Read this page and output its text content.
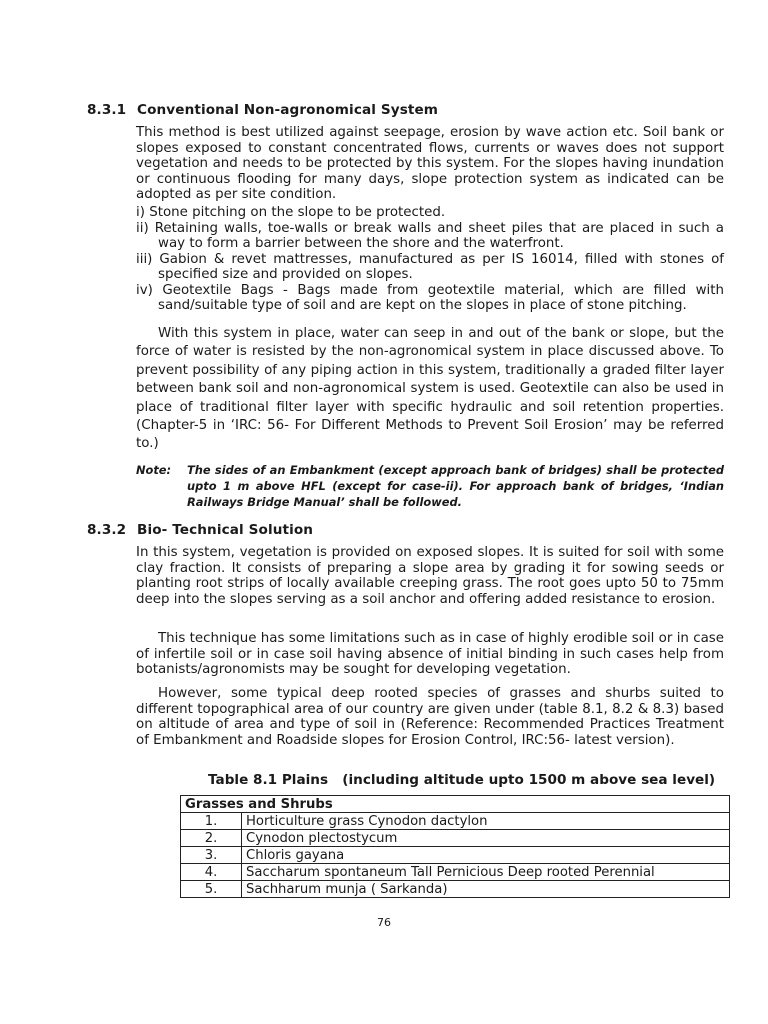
8.3.1 Conventional Non-agronomical System

This method is best utilized against seepage, erosion by wave action etc. Soil bank or slopes exposed to constant concentrated flows, currents or waves does not support vegetation and needs to be protected by this system. For the slopes having inundation or continuous flooding for many days, slope protection system as indicated can be adopted as per site condition.

i) Stone pitching on the slope to be protected.
ii) Retaining walls, toe-walls or break walls and sheet piles that are placed in such a way to form a barrier between the shore and the waterfront.
iii) Gabion & revet mattresses, manufactured as per IS 16014, filled with stones of specified size and provided on slopes.
iv) Geotextile Bags - Bags made from geotextile material, which are filled with sand/suitable type of soil and are kept on the slopes in place of stone pitching.

With this system in place, water can seep in and out of the bank or slope, but the force of water is resisted by the non-agronomical system in place discussed above. To prevent possibility of any piping action in this system, traditionally a graded filter layer between bank soil and non-agronomical system is used. Geotextile can also be used in place of traditional filter layer with specific hydraulic and soil retention properties. (Chapter-5 in ‘IRC: 56- For Different Methods to Prevent Soil Erosion’ may be referred to.)

Note:	The sides of an Embankment (except approach bank of bridges) shall be protected upto 1 m above HFL (except for case-ii). For approach bank of bridges, ‘Indian Railways Bridge Manual’ shall be followed.
8.3.2 Bio- Technical Solution

In this system, vegetation is provided on exposed slopes. It is suited for soil with some clay fraction. It consists of preparing a slope area by grading it for sowing seeds or planting root strips of locally available creeping grass. The root goes upto 50 to 75mm deep into the slopes serving as a soil anchor and offering added resistance to erosion.

This technique has some limitations such as in case of highly erodible soil or in case of infertile soil or in case soil having absence of initial binding in such cases help from botanists/agronomists may be sought for developing vegetation.

However, some typical deep rooted species of grasses and shurbs suited to different topographical area of our country are given under (table 8.1, 8.2 & 8.3) based on altitude of area and type of soil in (Reference: Recommended Practices Treatment of Embankment and Roadside slopes for Erosion Control, IRC:56- latest version).

Table 8.1 Plains   (including altitude upto 1500 m above sea level)
Grasses and Shrubs	
1.	Horticulture grass Cynodon dactylon
2.	Cynodon plectostycum
3.	Chloris gayana
4.	Saccharum spontaneum Tall Pernicious Deep rooted Perennial
5.	Sachharum munja ( Sarkanda)
76
